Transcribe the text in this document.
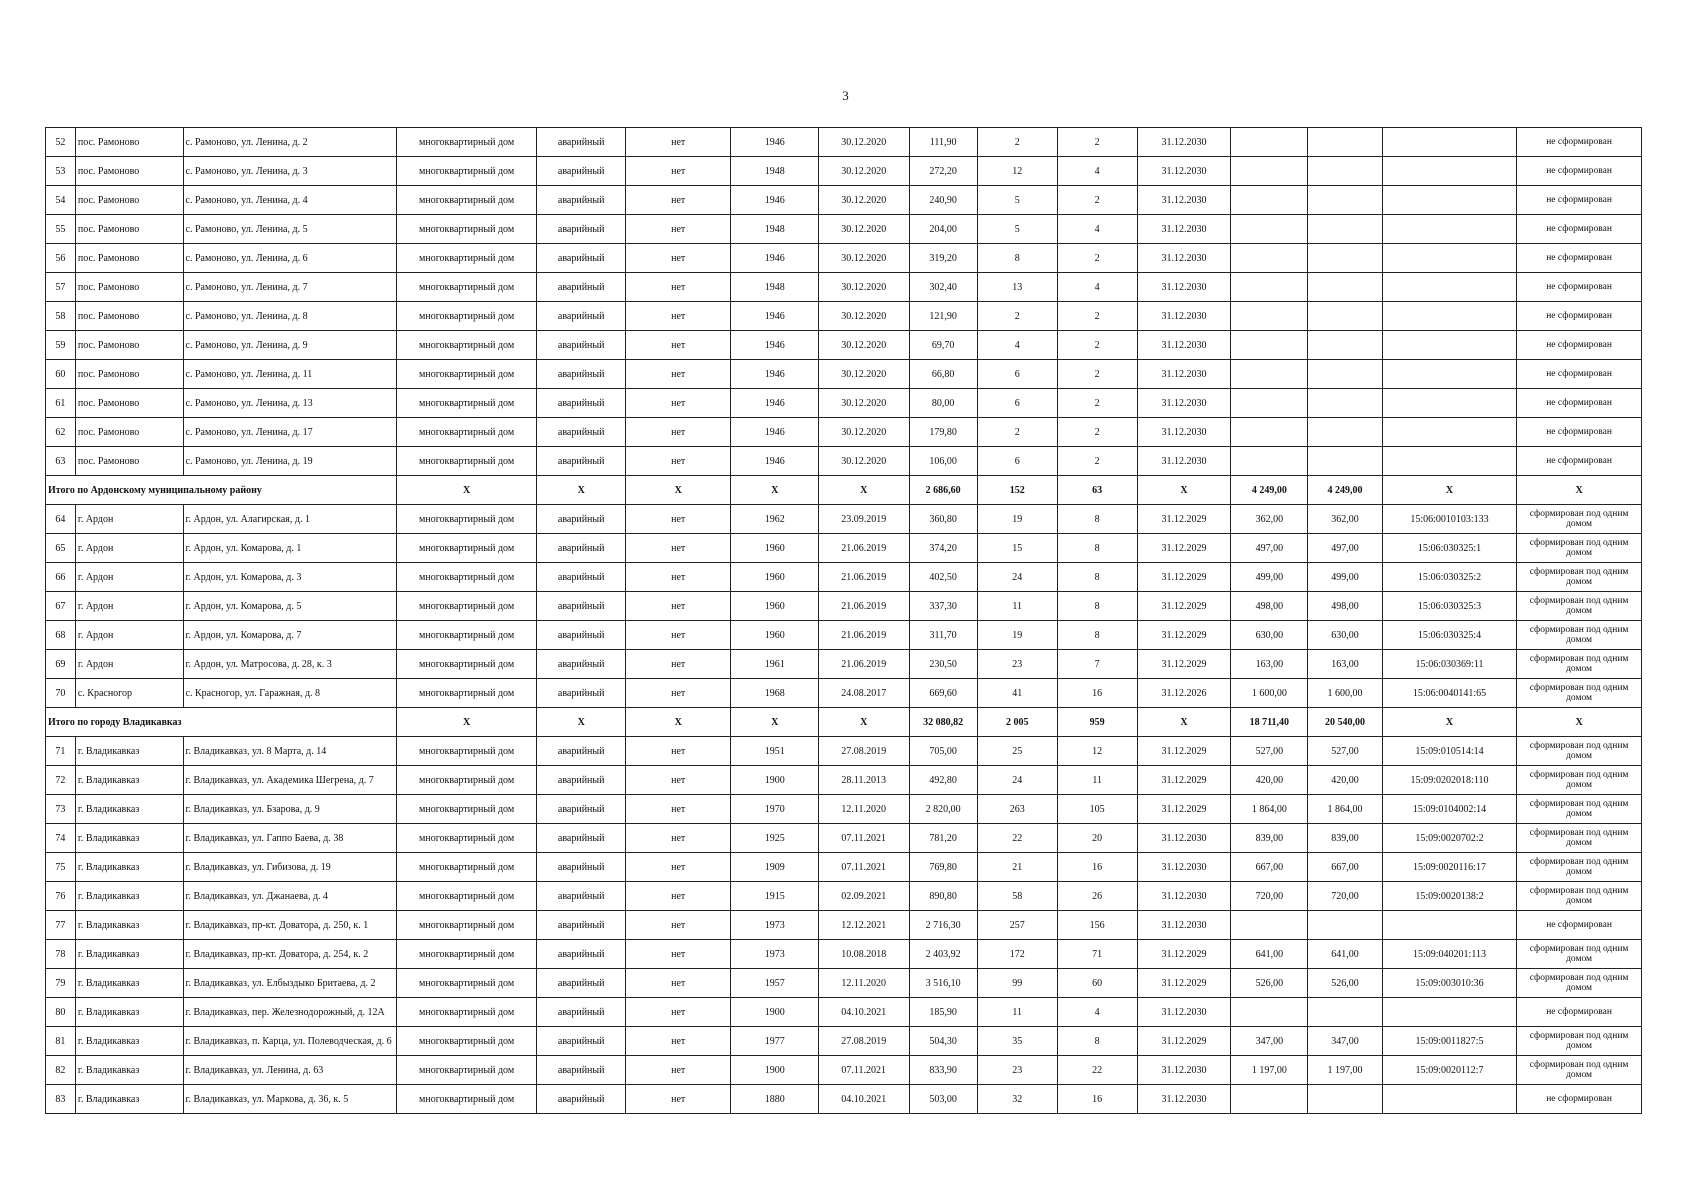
3
52	пос. Рамоново	с. Рамоново, ул. Ленина, д. 2	многоквартирный дом	аварийный	нет	1946	30.12.2020	111,90	2	2	31.12.2030				не сформирован
53	пос. Рамоново	с. Рамоново, ул. Ленина, д. 3	многоквартирный дом	аварийный	нет	1948	30.12.2020	272,20	12	4	31.12.2030				не сформирован
54	пос. Рамоново	с. Рамоново, ул. Ленина, д. 4	многоквартирный дом	аварийный	нет	1946	30.12.2020	240,90	5	2	31.12.2030				не сформирован
55	пос. Рамоново	с. Рамоново, ул. Ленина, д. 5	многоквартирный дом	аварийный	нет	1948	30.12.2020	204,00	5	4	31.12.2030				не сформирован
56	пос. Рамоново	с. Рамоново, ул. Ленина, д. 6	многоквартирный дом	аварийный	нет	1946	30.12.2020	319,20	8	2	31.12.2030				не сформирован
57	пос. Рамоново	с. Рамоново, ул. Ленина, д. 7	многоквартирный дом	аварийный	нет	1948	30.12.2020	302,40	13	4	31.12.2030				не сформирован
58	пос. Рамоново	с. Рамоново, ул. Ленина, д. 8	многоквартирный дом	аварийный	нет	1946	30.12.2020	121,90	2	2	31.12.2030				не сформирован
59	пос. Рамоново	с. Рамоново, ул. Ленина, д. 9	многоквартирный дом	аварийный	нет	1946	30.12.2020	69,70	4	2	31.12.2030				не сформирован
60	пос. Рамоново	с. Рамоново, ул. Ленина, д. 11	многоквартирный дом	аварийный	нет	1946	30.12.2020	66,80	6	2	31.12.2030				не сформирован
61	пос. Рамоново	с. Рамоново, ул. Ленина, д. 13	многоквартирный дом	аварийный	нет	1946	30.12.2020	80,00	6	2	31.12.2030				не сформирован
62	пос. Рамоново	с. Рамоново, ул. Ленина, д. 17	многоквартирный дом	аварийный	нет	1946	30.12.2020	179,80	2	2	31.12.2030				не сформирован
63	пос. Рамоново	с. Рамоново, ул. Ленина, д. 19	многоквартирный дом	аварийный	нет	1946	30.12.2020	106,00	6	2	31.12.2030				не сформирован
Итого по Ардонскому муниципальному району			X	X	X	X	X	2 686,60	152	63	X	4 249,00	4 249,00	X	X
64	г. Ардон	г. Ардон, ул. Алагирская, д. 1	многоквартирный дом	аварийный	нет	1962	23.09.2019	360,80	19	8	31.12.2029	362,00	362,00	15:06:0010103:133	сформирован под одним домом
65	г. Ардон	г. Ардон, ул. Комарова, д. 1	многоквартирный дом	аварийный	нет	1960	21.06.2019	374,20	15	8	31.12.2029	497,00	497,00	15:06:030325:1	сформирован под одним домом
66	г. Ардон	г. Ардон, ул. Комарова, д. 3	многоквартирный дом	аварийный	нет	1960	21.06.2019	402,50	24	8	31.12.2029	499,00	499,00	15:06:030325:2	сформирован под одним домом
67	г. Ардон	г. Ардон, ул. Комарова, д. 5	многоквартирный дом	аварийный	нет	1960	21.06.2019	337,30	11	8	31.12.2029	498,00	498,00	15:06:030325:3	сформирован под одним домом
68	г. Ардон	г. Ардон, ул. Комарова, д. 7	многоквартирный дом	аварийный	нет	1960	21.06.2019	311,70	19	8	31.12.2029	630,00	630,00	15:06:030325:4	сформирован под одним домом
69	г. Ардон	г. Ардон, ул. Матросова, д. 28, к. 3	многоквартирный дом	аварийный	нет	1961	21.06.2019	230,50	23	7	31.12.2029	163,00	163,00	15:06:030369:11	сформирован под одним домом
70	с. Красногор	с. Красногор, ул. Гаражная, д. 8	многоквартирный дом	аварийный	нет	1968	24.08.2017	669,60	41	16	31.12.2026	1 600,00	1 600,00	15:06:0040141:65	сформирован под одним домом
Итого по городу Владикавказ			X	X	X	X	X	32 080,82	2 005	959	X	18 711,40	20 540,00	X	X
71	г. Владикавказ	г. Владикавказ, ул. 8 Марта, д. 14	многоквартирный дом	аварийный	нет	1951	27.08.2019	705,00	25	12	31.12.2029	527,00	527,00	15:09:010514:14	сформирован под одним домом
72	г. Владикавказ	г. Владикавказ, ул. Академика Шегрена, д. 7	многоквартирный дом	аварийный	нет	1900	28.11.2013	492,80	24	11	31.12.2029	420,00	420,00	15:09:0202018:110	сформирован под одним домом
73	г. Владикавказ	г. Владикавказ, ул. Бзарова, д. 9	многоквартирный дом	аварийный	нет	1970	12.11.2020	2 820,00	263	105	31.12.2029	1 864,00	1 864,00	15:09:0104002:14	сформирован под одним домом
74	г. Владикавказ	г. Владикавказ, ул. Гаппо Баева, д. 38	многоквартирный дом	аварийный	нет	1925	07.11.2021	781,20	22	20	31.12.2030	839,00	839,00	15:09:0020702:2	сформирован под одним домом
75	г. Владикавказ	г. Владикавказ, ул. Гибизова, д. 19	многоквартирный дом	аварийный	нет	1909	07.11.2021	769,80	21	16	31.12.2030	667,00	667,00	15:09:0020116:17	сформирован под одним домом
76	г. Владикавказ	г. Владикавказ, ул. Джанаева, д. 4	многоквартирный дом	аварийный	нет	1915	02.09.2021	890,80	58	26	31.12.2030	720,00	720,00	15:09:0020138:2	сформирован под одним домом
77	г. Владикавказ	г. Владикавказ, пр-кт. Доватора, д. 250, к. 1	многоквартирный дом	аварийный	нет	1973	12.12.2021	2 716,30	257	156	31.12.2030				не сформирован
78	г. Владикавказ	г. Владикавказ, пр-кт. Доватора, д. 254, к. 2	многоквартирный дом	аварийный	нет	1973	10.08.2018	2 403,92	172	71	31.12.2029	641,00	641,00	15:09:040201:113	сформирован под одним домом
79	г. Владикавказ	г. Владикавказ, ул. Елбыздыко Бритаева, д. 2	многоквартирный дом	аварийный	нет	1957	12.11.2020	3 516,10	99	60	31.12.2029	526,00	526,00	15:09:003010:36	сформирован под одним домом
80	г. Владикавказ	г. Владикавказ, пер. Железнодорожный, д. 12А	многоквартирный дом	аварийный	нет	1900	04.10.2021	185,90	11	4	31.12.2030				не сформирован
81	г. Владикавказ	г. Владикавказ, п. Карца, ул. Полеводческая, д. 6	многоквартирный дом	аварийный	нет	1977	27.08.2019	504,30	35	8	31.12.2029	347,00	347,00	15:09:0011827:5	сформирован под одним домом
82	г. Владикавказ	г. Владикавказ, ул. Ленина, д. 63	многоквартирный дом	аварийный	нет	1900	07.11.2021	833,90	23	22	31.12.2030	1 197,00	1 197,00	15:09:0020112:7	сформирован под одним домом
83	г. Владикавказ	г. Владикавказ, ул. Маркова, д. 36, к. 5	многоквартирный дом	аварийный	нет	1880	04.10.2021	503,00	32	16	31.12.2030				не сформирован
